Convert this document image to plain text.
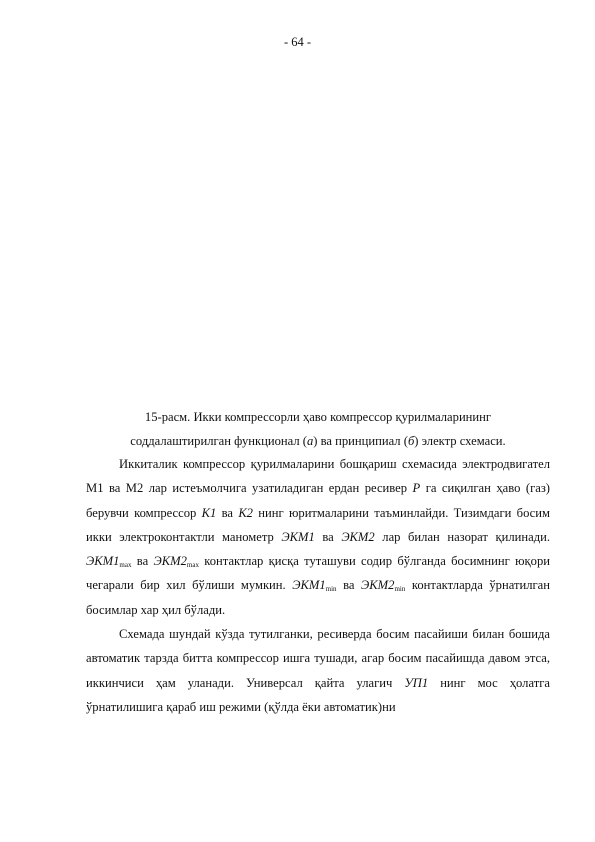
- 64 -
15-расм. Икки компрессорли ҳаво компрессор қурилмаларининг
соддалаштирилган функционал (а) ва принципиал (б) электр схемаси.

Иккиталик компрессор қурилмаларини бошқариш схемасида электродвигател М1 ва М2 лар истеъмолчига узатиладиган ердан ресивер Р га сиқилган ҳаво (газ) берувчи компрессор К1 ва К2 нинг юритмаларини таъминлайди. Тизимдаги босим икки электроконтактли манометр ЭКМ1 ва ЭКМ2 лар билан назорат қилинади. $ЭКМ1_{max}$ ва $ЭКМ2_{max}$ контактлар қисқа туташуви содир бўлганда босимнинг юқори чегарали бир хил бўлиши мумкин. $ЭКМ1_{min}$ ва $ЭКМ2_{min}$ контактларда ўрнатилган босимлар хар ҳил бўлади.

Схемада шундай кўзда тутилганки, ресиверда босим пасайиши билан бошида автоматик тарзда битта компрессор ишга тушади, агар босим пасайишда давом этса, иккинчиси ҳам уланади. Универсал қайта улагич УП1 нинг мос ҳолатга ўрнатилишига қараб иш режими (қўлда ёки автоматик)ни
